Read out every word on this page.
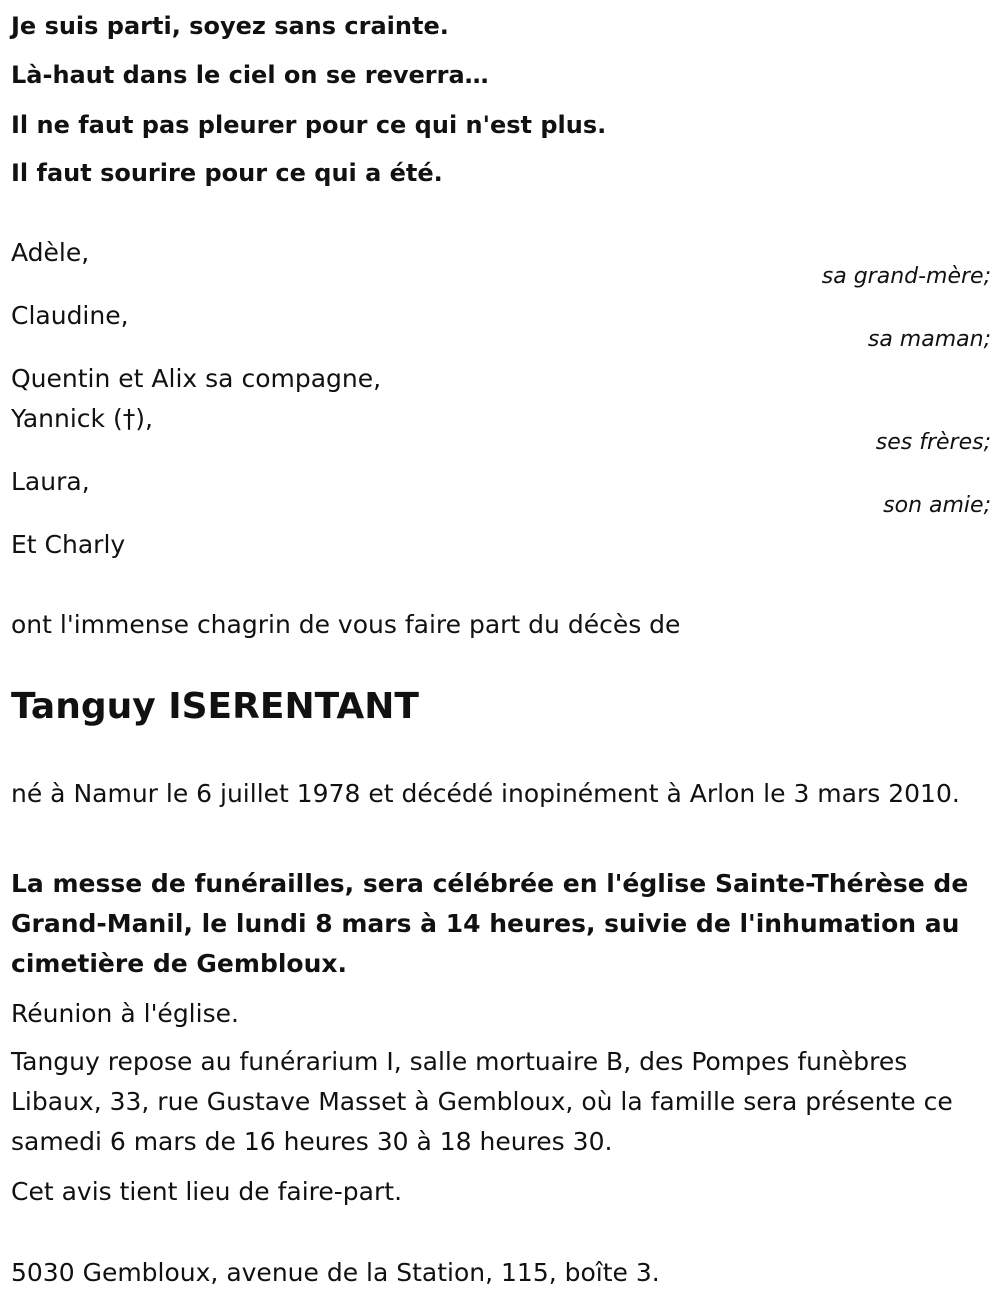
Je suis parti, soyez sans crainte.
Là-haut dans le ciel on se reverra…
Il ne faut pas pleurer pour ce qui n'est plus.
Il faut sourire pour ce qui a été.
Adèle,
sa grand-mère;
Claudine,
sa maman;
Quentin et Alix sa compagne,
Yannick (†),
ses frères;
Laura,
son amie;
Et Charly
ont l'immense chagrin de vous faire part du décès de
Tanguy ISERENTANT
né à Namur le 6 juillet 1978 et décédé inopinément à Arlon le 3 mars 2010.
La messe de funérailles, sera célébrée en l'église Sainte-Thérèse de Grand-Manil, le lundi 8 mars à 14 heures, suivie de l'inhumation au cimetière de Gembloux.
Réunion à l'église.
Tanguy repose au funérarium I, salle mortuaire B, des Pompes funèbres Libaux, 33, rue Gustave Masset à Gembloux, où la famille sera présente ce samedi 6 mars de 16 heures 30 à 18 heures 30.
Cet avis tient lieu de faire-part.
5030 Gembloux, avenue de la Station, 115, boîte 3.
